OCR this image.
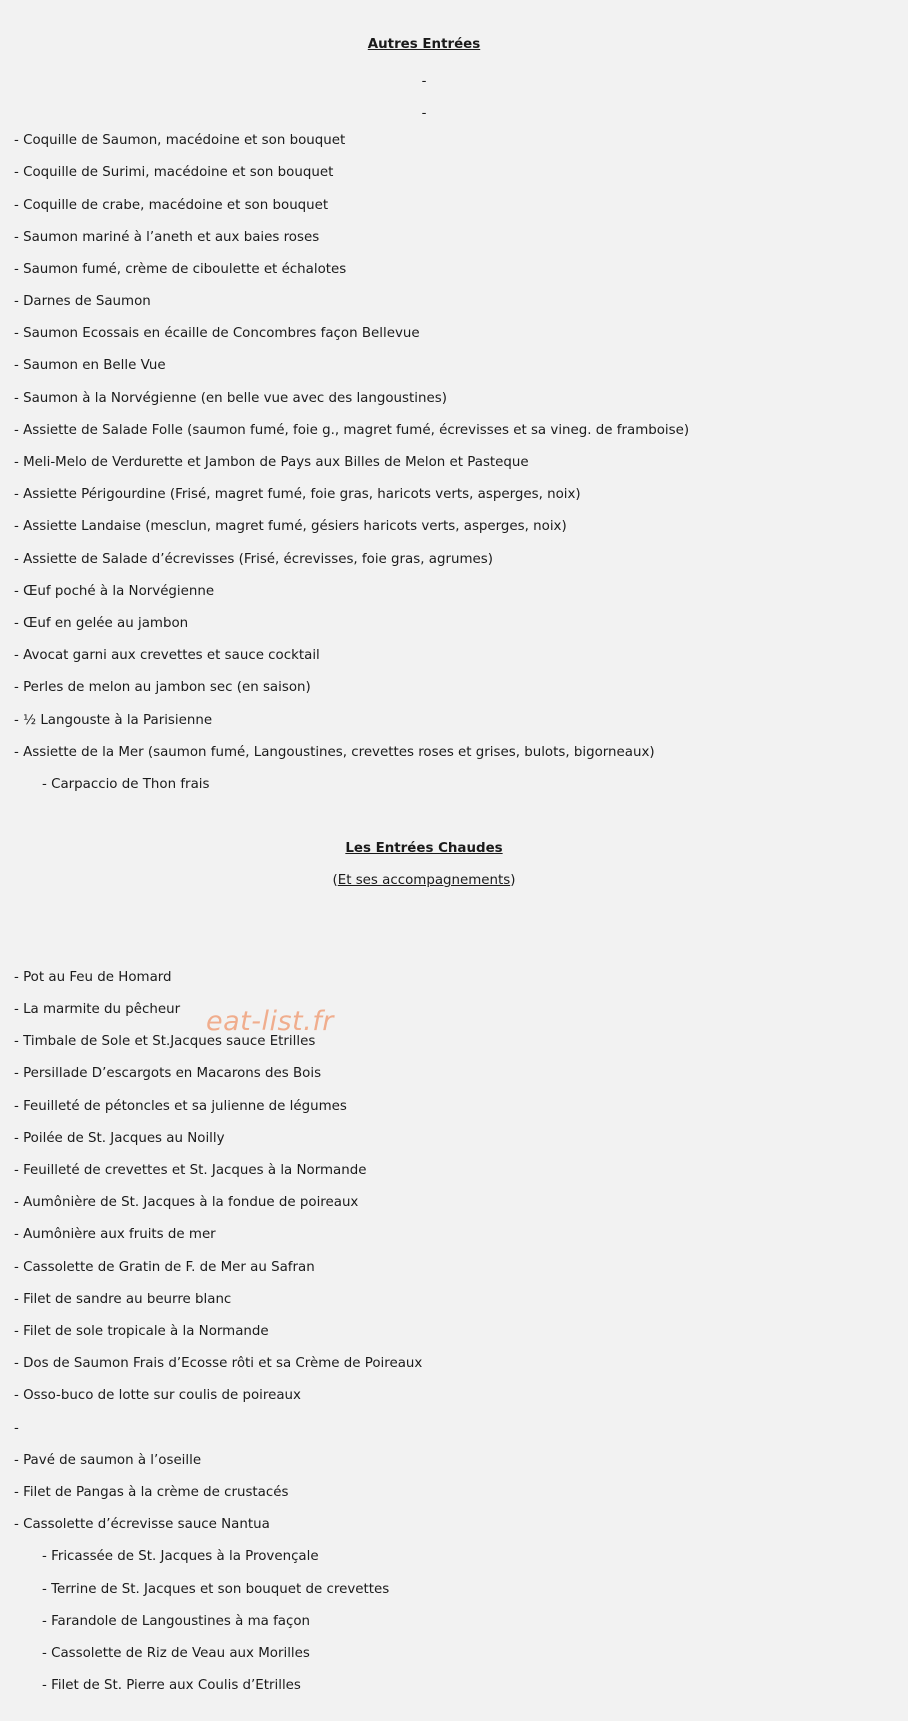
Autres Entrées
-
-
- Coquille de Saumon, macédoine et son bouquet
- Coquille de Surimi, macédoine et son bouquet
- Coquille de crabe, macédoine et son bouquet
- Saumon mariné à l’aneth et aux baies roses
- Saumon fumé, crème de ciboulette et échalotes
- Darnes de Saumon
- Saumon Ecossais en écaille de Concombres façon Bellevue
- Saumon en Belle Vue
- Saumon à la Norvégienne (en belle vue avec des langoustines)
- Assiette de Salade Folle (saumon fumé, foie g., magret fumé, écrevisses et sa vineg. de framboise)
- Meli-Melo de Verdurette et Jambon de Pays aux Billes de Melon et Pasteque
- Assiette Périgourdine (Frisé, magret fumé, foie gras, haricots verts, asperges, noix)
- Assiette Landaise (mesclun, magret fumé, gésiers haricots verts, asperges, noix)
- Assiette de Salade d’écrevisses (Frisé, écrevisses, foie gras, agrumes)
- Œuf poché à la Norvégienne
- Œuf en gelée au jambon
- Avocat garni aux crevettes et sauce cocktail
- Perles de melon au jambon sec (en saison)
- ½ Langouste à la Parisienne
- Assiette de la Mer (saumon fumé, Langoustines, crevettes roses et grises, bulots, bigorneaux)
- Carpaccio de Thon frais
Les Entrées Chaudes
(Et ses accompagnements)
- Pot au Feu de Homard
- La marmite du pêcheur
- Timbale de Sole et St.Jacques sauce Etrilles
- Persillade D’escargots en Macarons des Bois
- Feuilleté de pétoncles et sa julienne de légumes
- Poilée de St. Jacques au Noilly
- Feuilleté de crevettes et St. Jacques à la Normande
- Aumônière de St. Jacques à la fondue de poireaux
- Aumônière aux fruits de mer
- Cassolette de Gratin de F. de Mer au Safran
- Filet de sandre au beurre blanc
- Filet de sole tropicale à la Normande
- Dos de Saumon Frais d’Ecosse rôti et sa Crème de Poireaux
- Osso-buco de lotte sur coulis de poireaux
-
- Pavé de saumon à l’oseille
- Filet de Pangas à la crème de crustacés
- Cassolette d’écrevisse sauce Nantua
- Fricassée de St. Jacques à la Provençale
- Terrine de St. Jacques et son bouquet de crevettes
- Farandole de Langoustines à ma façon
- Cassolette de Riz de Veau aux Morilles
- Filet de St. Pierre aux Coulis d’Etrilles
eat-list.fr
